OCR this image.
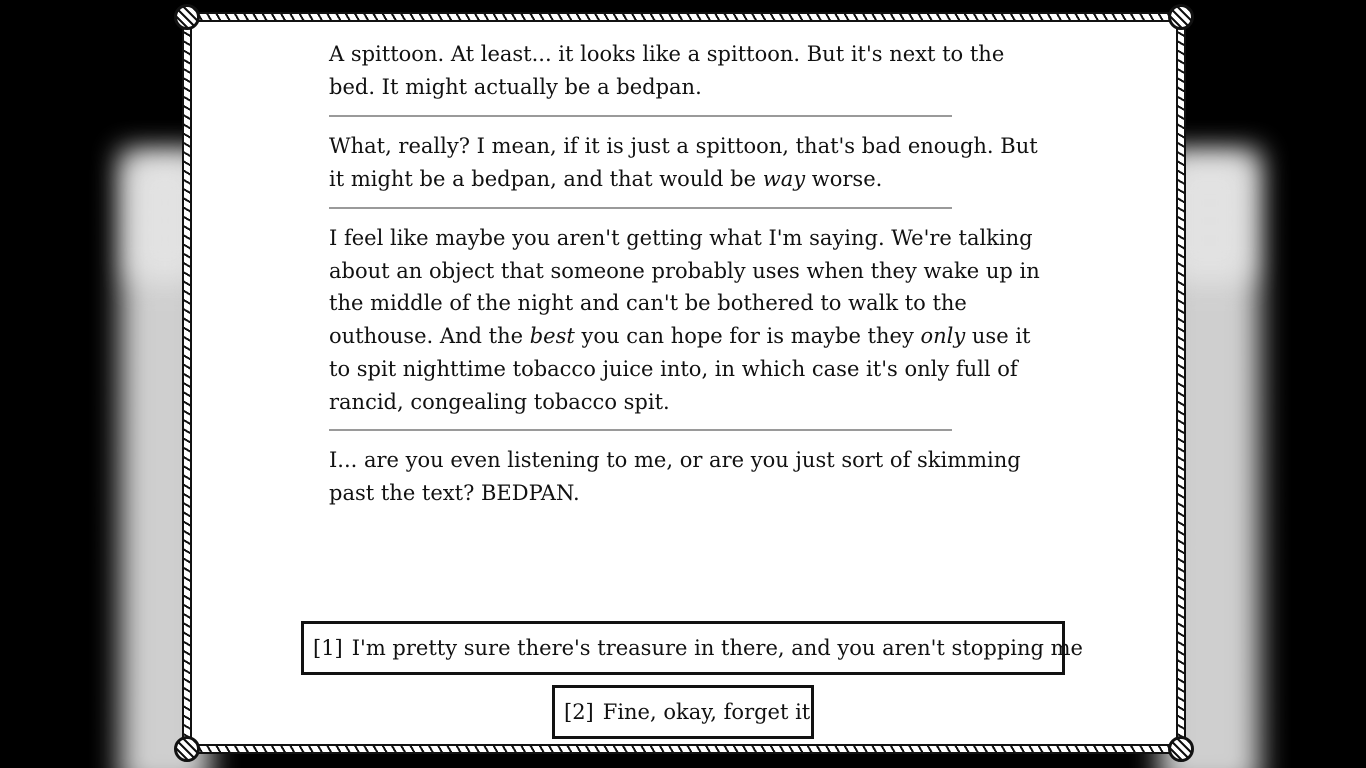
A spittoon. At least... it looks like a spittoon. But it's next to the bed. It might actually be a bedpan.

What, really? I mean, if it is just a spittoon, that's bad enough. But it might be a bedpan, and that would be way worse.

I feel like maybe you aren't getting what I'm saying. We're talking about an object that someone probably uses when they wake up in the middle of the night and can't be bothered to walk to the outhouse. And the best you can hope for is maybe they only use it to spit nighttime tobacco juice into, in which case it's only full of rancid, congealing tobacco spit.

I... are you even listening to me, or are you just sort of skimming past the text? BEDPAN.

[1] I'm pretty sure there's treasure in there, and you aren't stopping me
[2] Fine, okay, forget it
